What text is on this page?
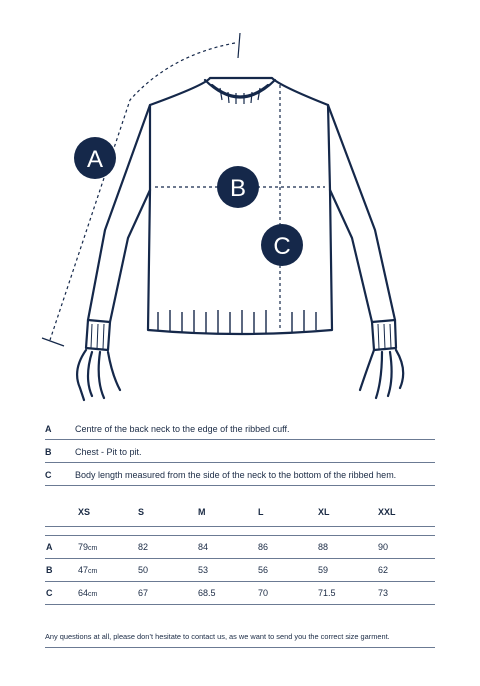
A
B
C
A	Centre of the back neck to the edge of the ribbed cuff.
B	Chest - Pit to pit.
C	Body length measured from the side of the neck to the bottom of the ribbed hem.
	XS	S	M	L	XL	XXL

A	79cm	82	84	86	88	90
B	47cm	50	53	56	59	62
C	64cm	67	68.5	70	71.5	73
Any questions at all, please don’t hesitate to contact us, as we want to send you the correct size garment.
